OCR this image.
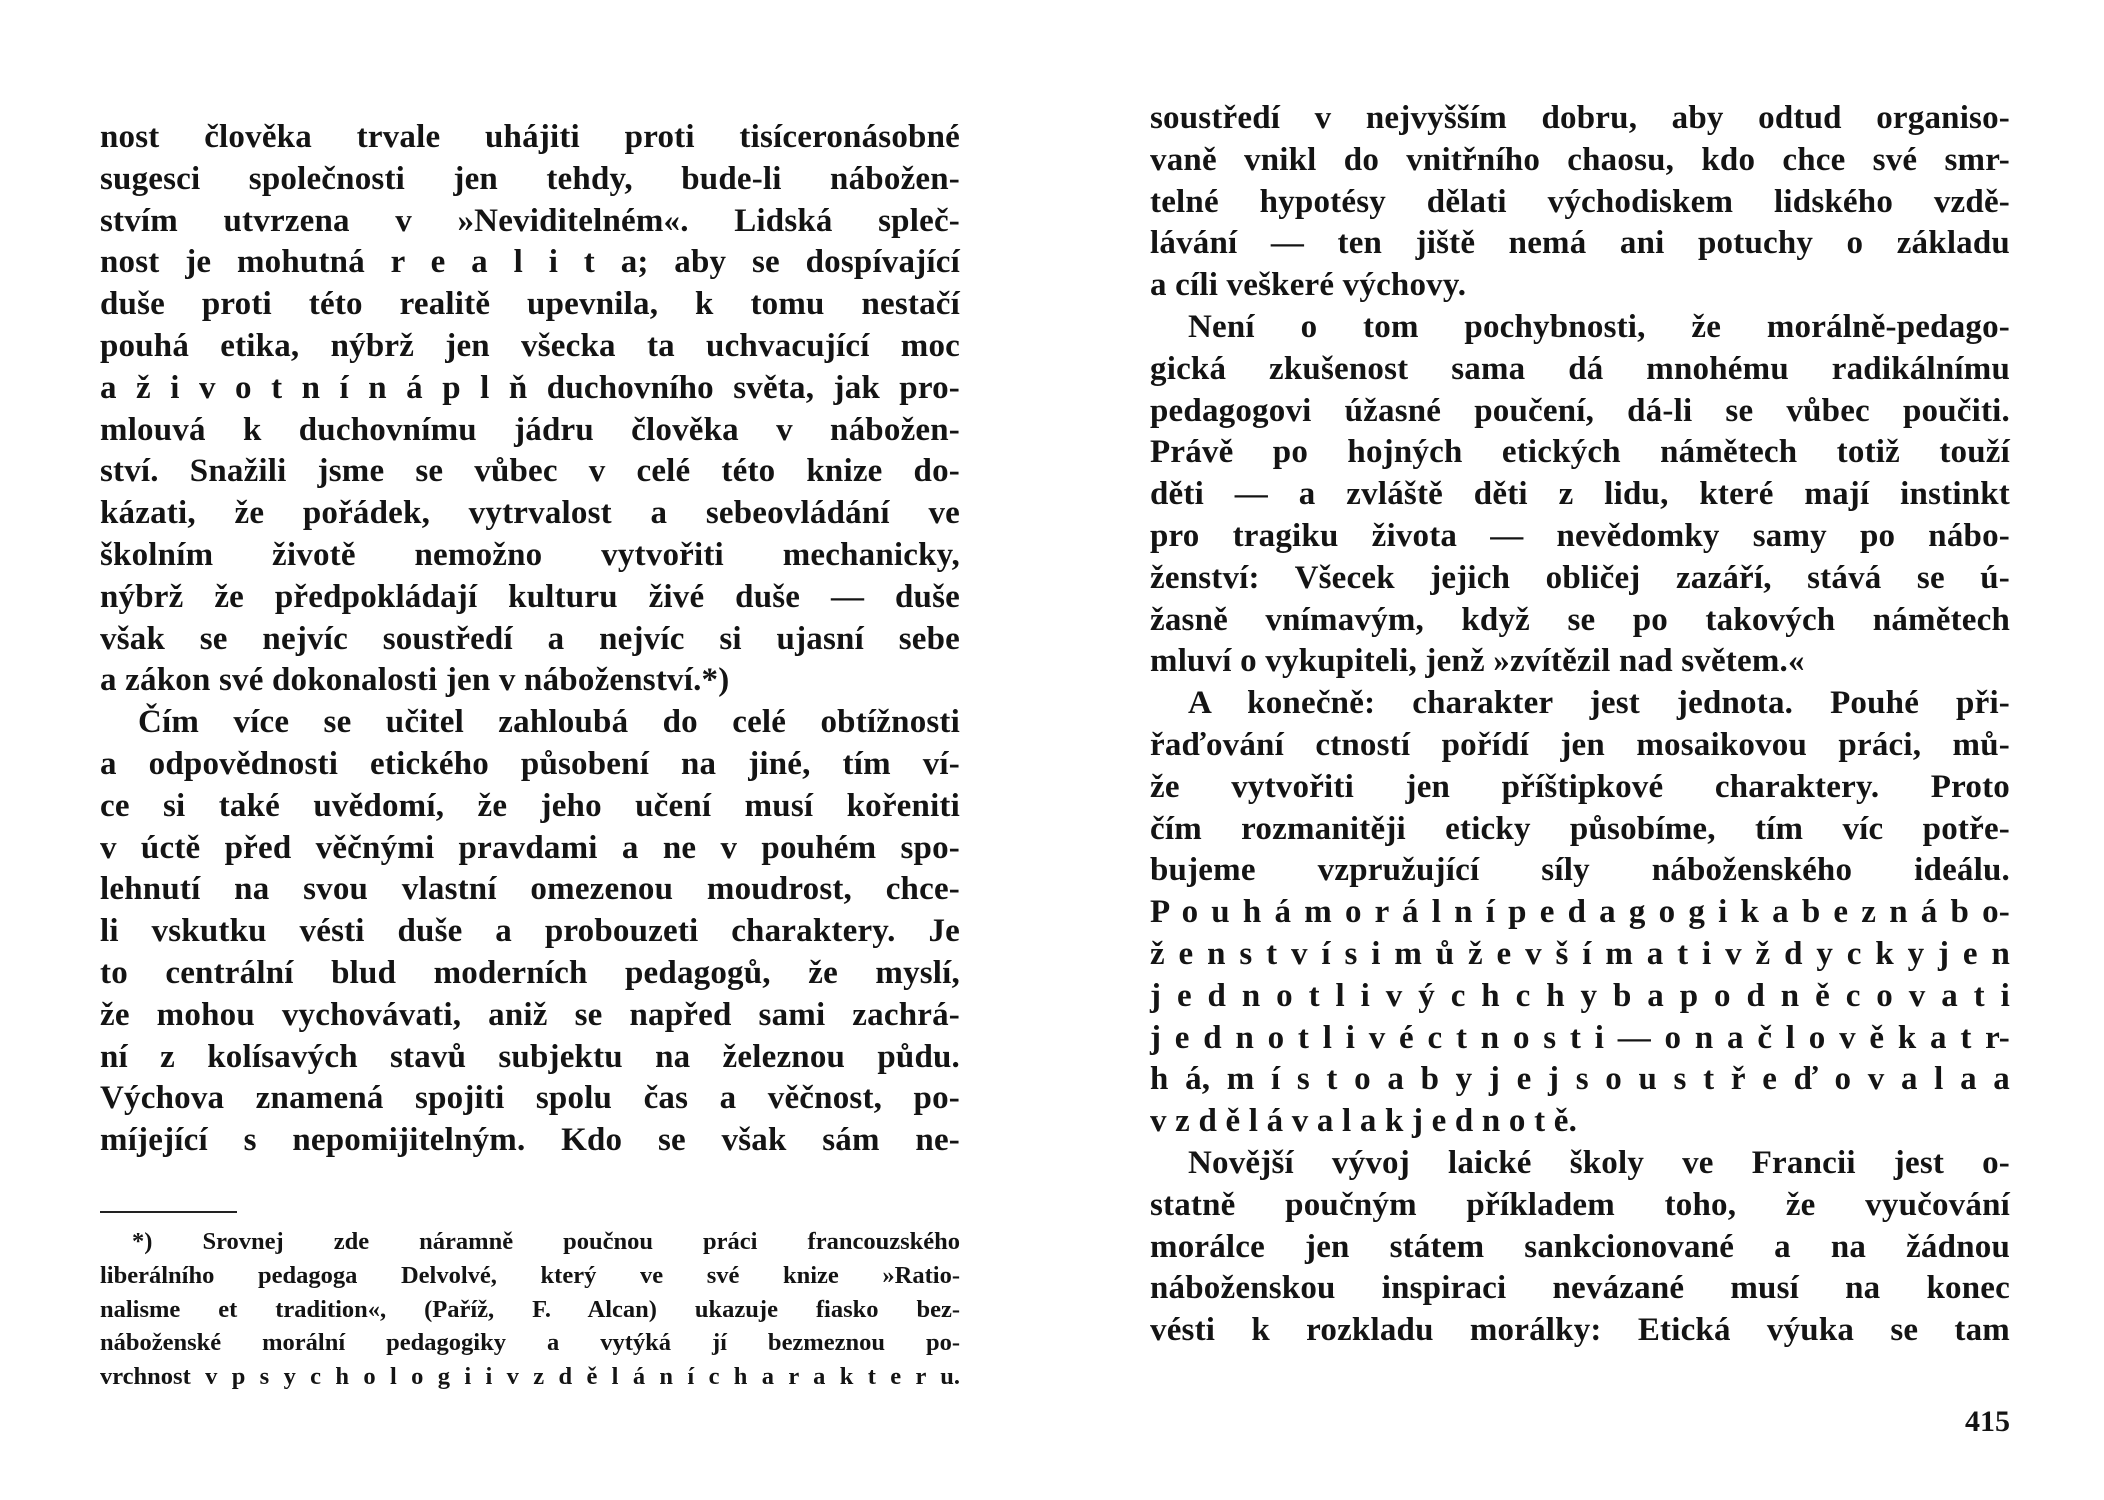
nost člověka trvale uhájiti proti tisíceronásobné
sugesci společnosti jen tehdy, bude-li nábožen-
stvím utvrzena v »Neviditelném«. Lidská spleč-
nost je mohutná r e a l i t a; aby se dospívající
duše proti této realitě upevnila, k tomu nestačí
pouhá etika, nýbrž jen všecka ta uchvacující moc
a ž i v o t n í n á p l ň duchovního světa, jak pro-
mlouvá k duchovnímu jádru člověka v nábožen-
ství. Snažili jsme se vůbec v celé této knize do-
kázati, že pořádek, vytrvalost a sebeovládání ve
školním životě nemožno vytvořiti mechanicky,
nýbrž že předpokládají kulturu živé duše — duše
však se nejvíc soustředí a nejvíc si ujasní sebe
a zákon své dokonalosti jen v náboženství.*)
Čím více se učitel zahloubá do celé obtížnosti
a odpovědnosti etického působení na jiné, tím ví-
ce si také uvědomí, že jeho učení musí kořeniti
v úctě před věčnými pravdami a ne v pouhém spo-
lehnutí na svou vlastní omezenou moudrost, chce-
li vskutku vésti duše a probouzeti charaktery. Je
to centrální blud moderních pedagogů, že myslí,
že mohou vychovávati, aniž se napřed sami zachrá-
ní z kolísavých stavů subjektu na železnou půdu.
Výchova znamená spojiti spolu čas a věčnost, po-
míjející s nepomijitelným. Kdo se však sám ne-
*) Srovnej zde náramně poučnou práci francouzského
liberálního pedagoga Delvolvé, který ve své knize »Ratio-
nalisme et tradition«, (Paříž, F. Alcan) ukazuje fiasko bez-
náboženské morální pedagogiky a vytýká jí bezmeznou po-
vrchnost v p s y c h o l o g i i v z d ě l á n í c h a r a k t e r u.
soustředí v nejvyšším dobru, aby odtud organiso-
vaně vnikl do vnitřního chaosu, kdo chce své smr-
telné hypotésy dělati východiskem lidského vzdě-
lávání — ten jiště nemá ani potuchy o základu
a cíli veškeré výchovy.
Není o tom pochybnosti, že morálně-pedago-
gická zkušenost sama dá mnohému radikálnímu
pedagogovi úžasné poučení, dá-li se vůbec poučiti.
Právě po hojných etických námětech totiž touží
děti — a zvláště děti z lidu, které mají instinkt
pro tragiku života — nevědomky samy po nábo-
ženství: Všecek jejich obličej zazáří, stává se ú-
žasně vnímavým, když se po takových námětech
mluví o vykupiteli, jenž »zvítězil nad světem.«
A konečně: charakter jest jednota. Pouhé při-
řaďování ctností pořídí jen mosaikovou práci, mů-
že vytvořiti jen příštipkové charaktery. Proto
čím rozmanitěji eticky působíme, tím víc potře-
bujeme vzpružující síly náboženského ideálu.
P o u h á m o r á l n í p e d a g o g i k a b e z n á b o-
ž e n s t v í s i m ů ž e v š í m a t i v ž d y c k y j e n
j e d n o t l i v ý c h c h y b a p o d n ě c o v a t i
j e d n o t l i v é c t n o s t i — o n a č l o v ě k a t r-
h á, m í s t o a b y j e j s o u s t ř e ď o v a l a a
v z d ě l á v a l a k j e d n o t ě.
Novější vývoj laické školy ve Francii jest o-
statně poučným příkladem toho, že vyučování
morálce jen státem sankcionované a na žádnou
náboženskou inspiraci nevázané musí na konec
vésti k rozkladu morálky: Etická výuka se tam
415
